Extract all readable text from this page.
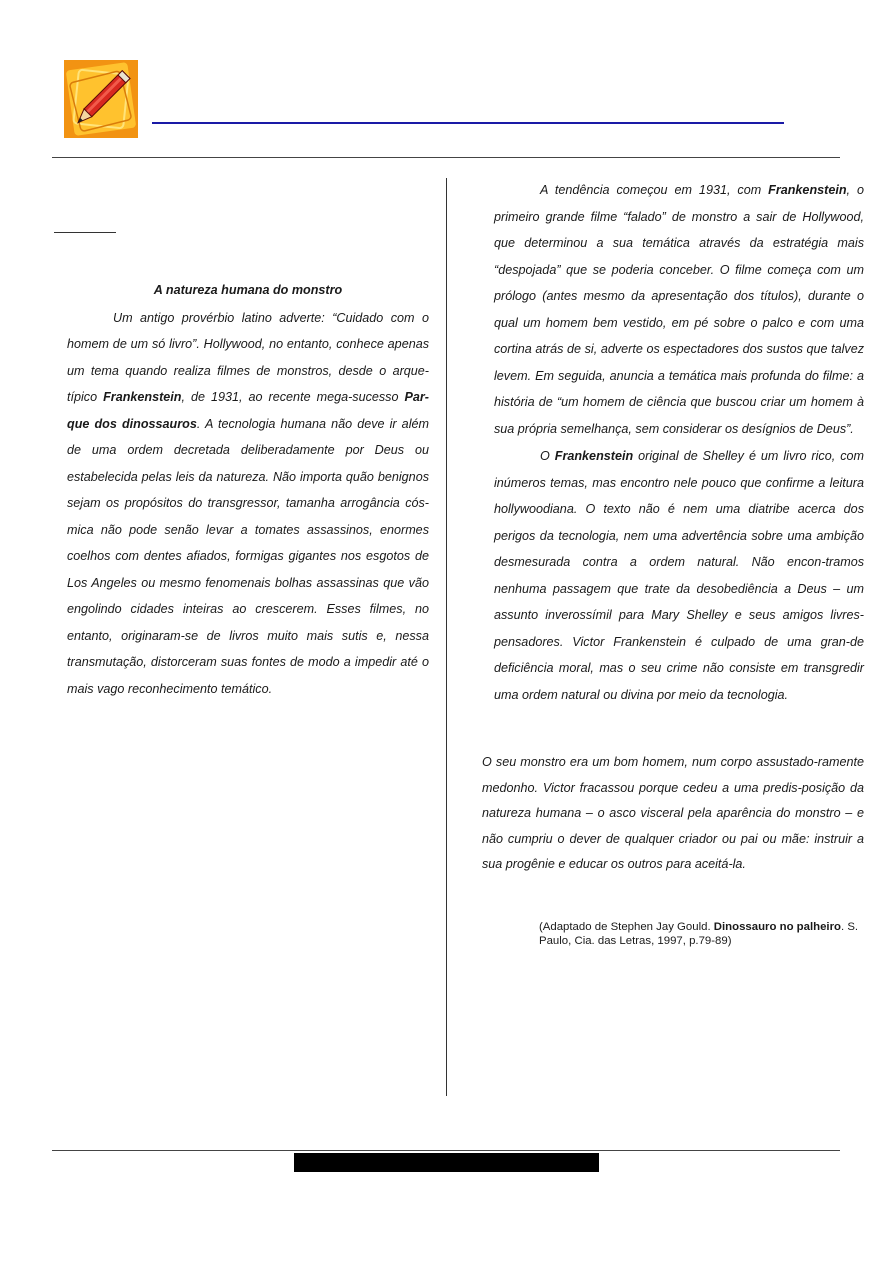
A natureza humana do monstro

Um antigo provérbio latino adverte: “Cuidado com o homem de um só livro”. Hollywood, no entanto, conhece apenas um tema quando realiza filmes de monstros, desde o arque-típico Frankenstein, de 1931, ao recente mega-sucesso Par-que dos dinossauros. A tecnologia humana não deve ir além de uma ordem decretada deliberadamente por Deus ou estabelecida pelas leis da natureza. Não importa quão benignos sejam os propósitos do transgressor, tamanha arrogância cós-mica não pode senão levar a tomates assassinos, enormes coelhos com dentes afiados, formigas gigantes nos esgotos de Los Angeles ou mesmo fenomenais bolhas assassinas que vão engolindo cidades inteiras ao crescerem. Esses filmes, no entanto, originaram-se de livros muito mais sutis e, nessa transmutação, distorceram suas fontes de modo a impedir até o mais vago reconhecimento temático.

A tendência começou em 1931, com Frankenstein, o primeiro grande filme “falado” de monstro a sair de Hollywood, que determinou a sua temática através da estratégia mais “despojada” que se poderia conceber. O filme começa com um prólogo (antes mesmo da apresentação dos títulos), durante o qual um homem bem vestido, em pé sobre o palco e com uma cortina atrás de si, adverte os espectadores dos sustos que talvez levem. Em seguida, anuncia a temática mais profunda do filme: a história de “um homem de ciência que buscou criar um homem à sua própria semelhança, sem considerar os desígnios de Deus”.

O Frankenstein original de Shelley é um livro rico, com inúmeros temas, mas encontro nele pouco que confirme a leitura hollywoodiana. O texto não é nem uma diatribe acerca dos perigos da tecnologia, nem uma advertência sobre uma ambição desmesurada contra a ordem natural. Não encon-tramos nenhuma passagem que trate da desobediência a Deus – um assunto inverossímil para Mary Shelley e seus amigos livres-pensadores. Victor Frankenstein é culpado de uma gran-de deficiência moral, mas o seu crime não consiste em transgredir uma ordem natural ou divina por meio da tecnologia.

O seu monstro era um bom homem, num corpo assustado-ramente medonho. Victor fracassou porque cedeu a uma predis-posição da natureza humana – o asco visceral pela aparência do monstro – e não cumpriu o dever de qualquer criador ou pai ou mãe: instruir a sua progênie e educar os outros para aceitá-la.
(Adaptado de Stephen Jay Gould. Dinossauro no palheiro. S. Paulo, Cia. das Letras, 1997, p.79-89)
